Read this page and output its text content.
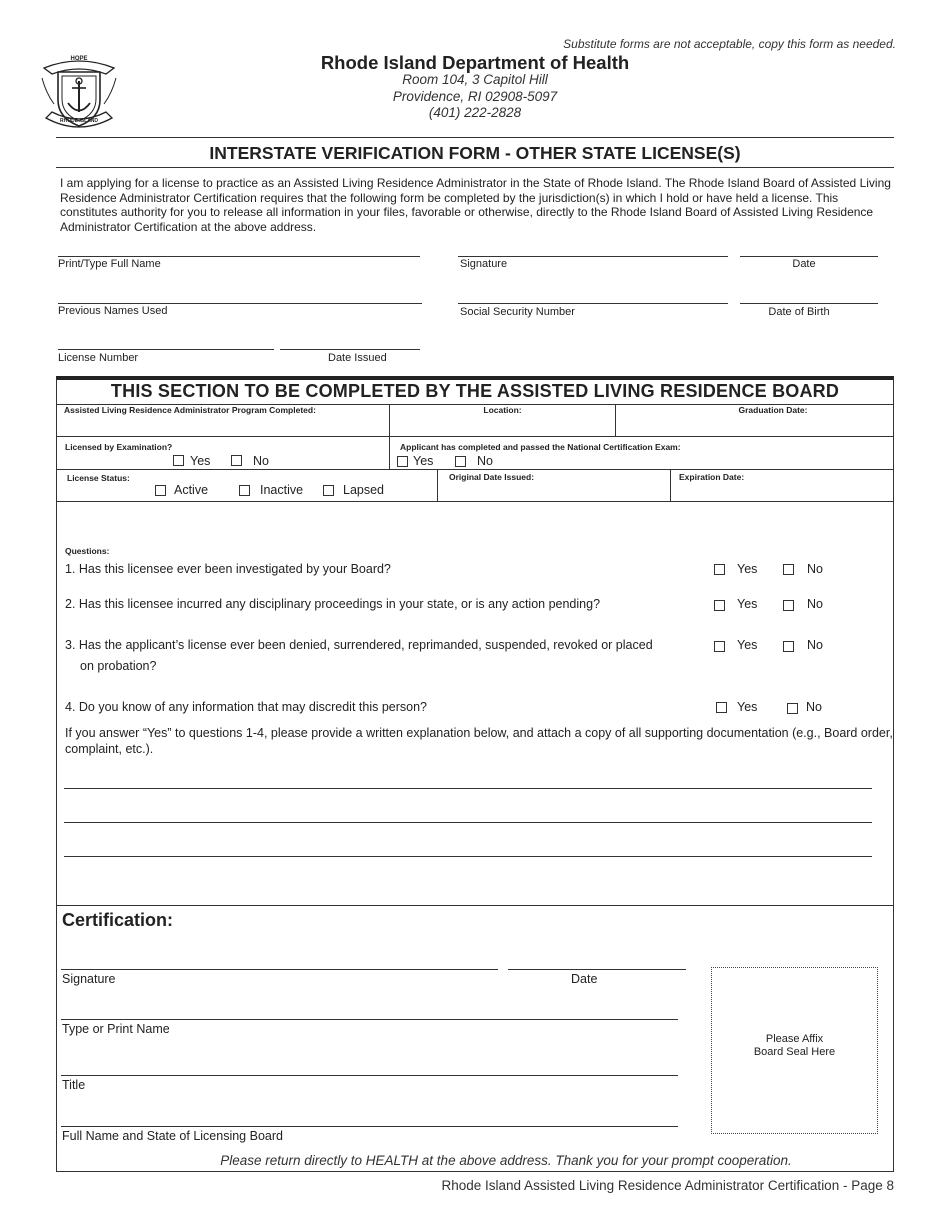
HOPE
RHODE ISLAND
Substitute forms are not acceptable, copy this form as needed.
Rhode Island Department of Health
Room 104, 3 Capitol Hill
Providence, RI 02908-5097
(401) 222-2828
INTERSTATE VERIFICATION FORM - OTHER STATE LICENSE(S)
I am applying for a license to practice as an Assisted Living Residence Administrator in the State of Rhode Island. The Rhode Island Board of Assisted Living Residence Administrator Certification requires that the following form be completed by the jurisdiction(s) in which I hold or have held a license. This constitutes authority for you to release all information in your files, favorable or otherwise, directly to the Rhode Island Board of Assisted Living Residence Administrator Certification at the above address.
Print/Type Full Name	Signature	Date
Previous Names Used	Social Security Number	Date of Birth
License Number	Date Issued
THIS SECTION TO BE COMPLETED BY THE ASSISTED LIVING RESIDENCE BOARD
Assisted Living Residence Administrator Program Completed:	Location:	Graduation Date:
Licensed by Examination?
Yes	No
Applicant has completed and passed the National Certification Exam:
Yes	No
License Status:
Active	Inactive	Lapsed
Original Date Issued:	Expiration Date:
Questions:
1. Has this licensee ever been investigated by your Board?	Yes	No
2. Has this licensee incurred any disciplinary proceedings in your state, or is any action pending?	Yes	No
3. Has the applicant’s license ever been denied, surrendered, reprimanded, suspended, revoked or placed
on probation?
Yes	No
4. Do you know of any information that may discredit this person?	Yes	No
If you answer “Yes” to questions 1-4, please provide a written explanation below, and attach a copy of all supporting documentation (e.g., Board order, complaint, etc.).
Certification:
Signature	Date
Type or Print Name
Title
Full Name and State of Licensing Board
Please Affix
Board Seal Here
Please return directly to HEALTH at the above address. Thank you for your prompt cooperation.
Rhode Island Assisted Living Residence Administrator Certification - Page 8
